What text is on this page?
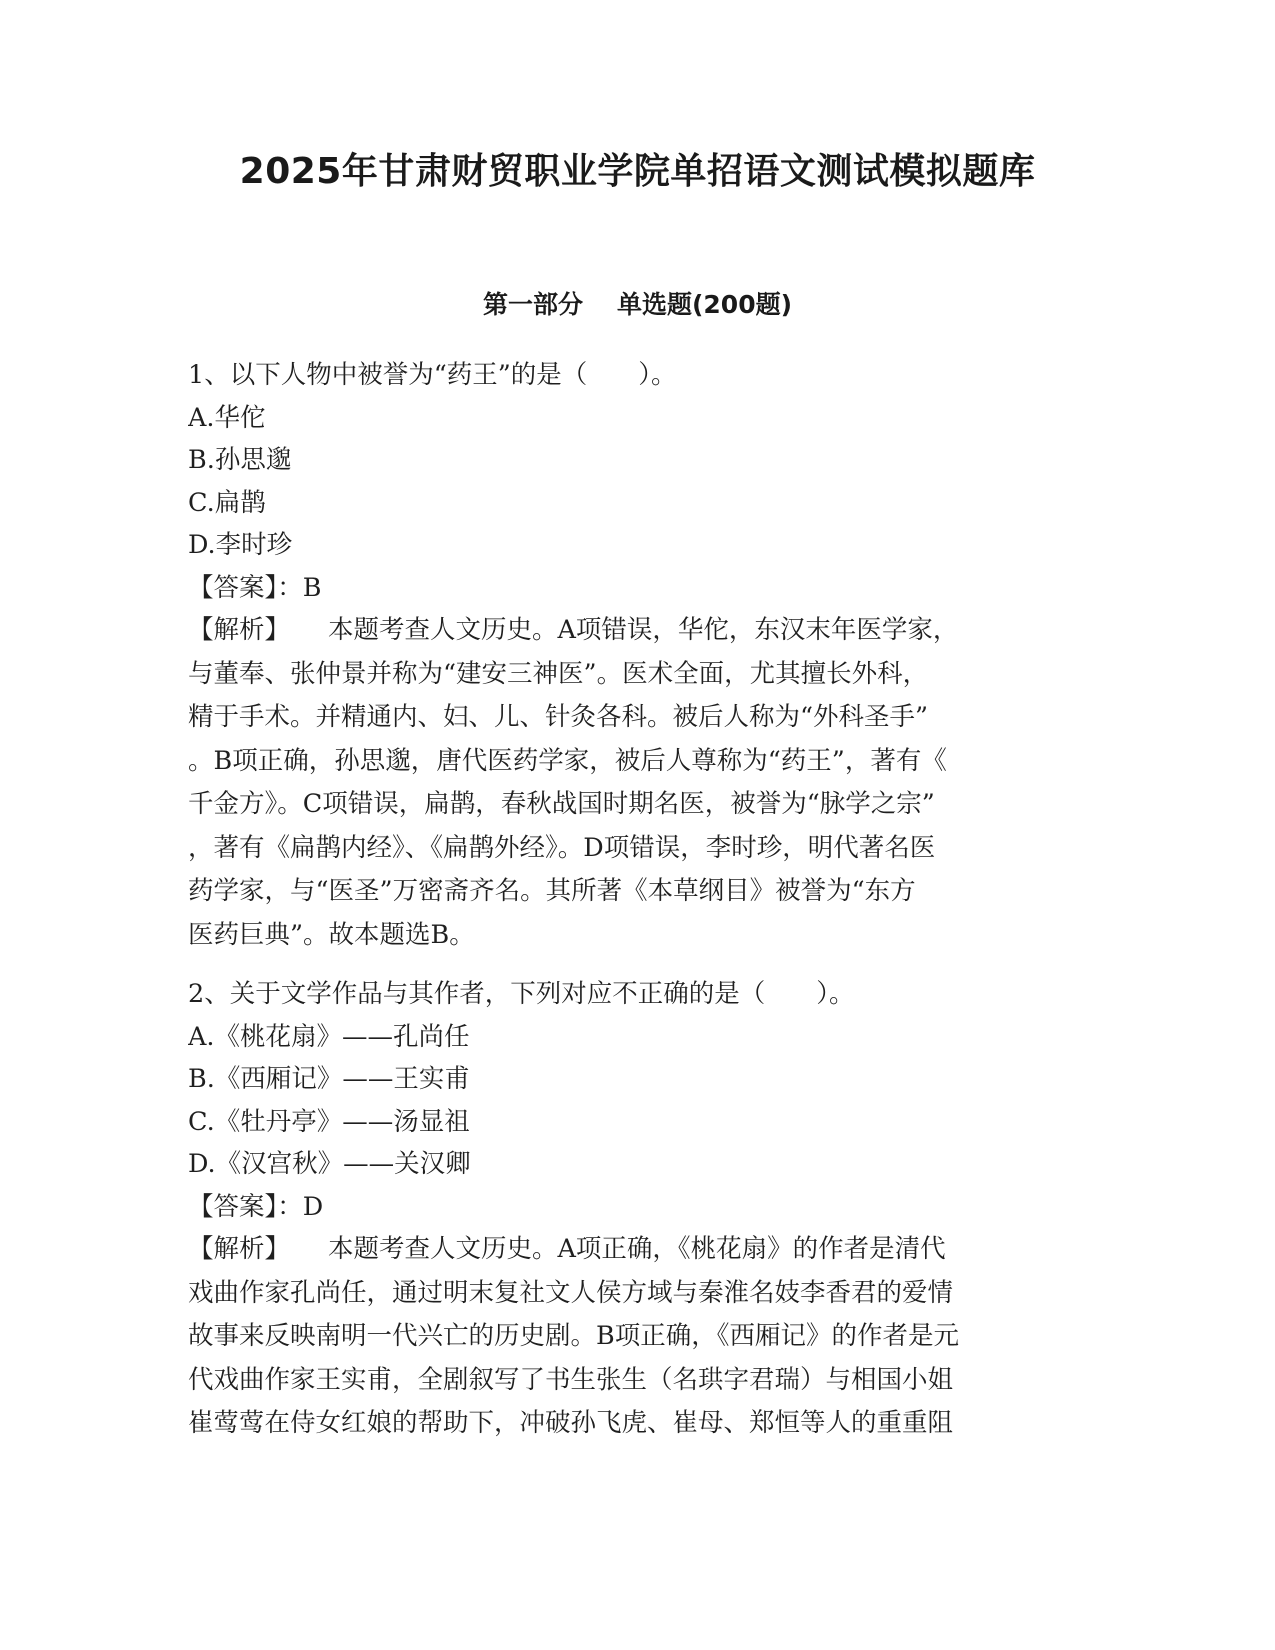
2025年甘肃财贸职业学院单招语文测试模拟题库
第一部分 单选题(200题)
1、以下人物中被誉为“药王”的是（　　）。
A.华佗
B.孙思邈
C.扁鹊
D.李时珍
【答案】：B
【解析】 本题考查人文历史。A项错误，华佗，东汉末年医学家，
与董奉、张仲景并称为“建安三神医”。医术全面，尤其擅长外科，
精于手术。并精通内、妇、儿、针灸各科。被后人称为“外科圣手”
。B项正确，孙思邈，唐代医药学家，被后人尊称为“药王”，著有《
千金方》。C项错误，扁鹊，春秋战国时期名医，被誉为“脉学之宗”
，著有《扁鹊内经》、《扁鹊外经》。D项错误，李时珍，明代著名医
药学家，与“医圣”万密斋齐名。其所著《本草纲目》被誉为“东方
医药巨典”。故本题选B。
2、关于文学作品与其作者，下列对应不正确的是（　　）。
A.《桃花扇》——孔尚任
B.《西厢记》——王实甫
C.《牡丹亭》——汤显祖
D.《汉宫秋》——关汉卿
【答案】：D
【解析】 本题考查人文历史。A项正确，《桃花扇》的作者是清代
戏曲作家孔尚任，通过明末复社文人侯方域与秦淮名妓李香君的爱情
故事来反映南明一代兴亡的历史剧。B项正确，《西厢记》的作者是元
代戏曲作家王实甫，全剧叙写了书生张生（名珙字君瑞）与相国小姐
崔莺莺在侍女红娘的帮助下，冲破孙飞虎、崔母、郑恒等人的重重阻
